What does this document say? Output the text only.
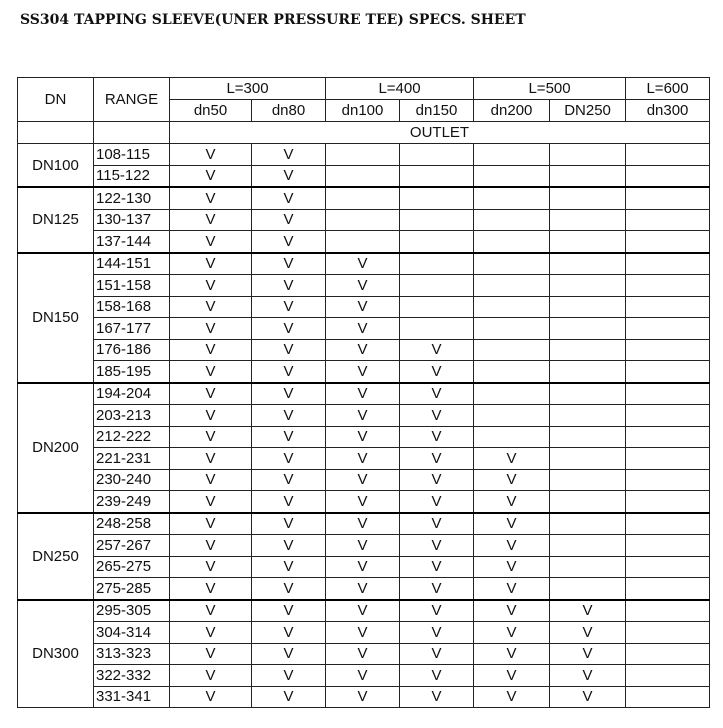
SS304 TAPPING SLEEVE(UNER PRESSURE TEE) SPECS. SHEET
DN	RANGE	L=300		L=400		L=500		L=600
		dn50	dn80	dn100	dn150	dn200	DN250	dn300
		OUTLET						
DN100	108-115	V	V					
	115-122	V	V					
DN125	122-130	V	V					
	130-137	V	V					
	137-144	V	V					
DN150	144-151	V	V	V				
	151-158	V	V	V				
	158-168	V	V	V				
	167-177	V	V	V				
	176-186	V	V	V	V			
	185-195	V	V	V	V			
DN200	194-204	V	V	V	V			
	203-213	V	V	V	V			
	212-222	V	V	V	V			
	221-231	V	V	V	V	V		
	230-240	V	V	V	V	V		
	239-249	V	V	V	V	V		
DN250	248-258	V	V	V	V	V		
	257-267	V	V	V	V	V		
	265-275	V	V	V	V	V		
	275-285	V	V	V	V	V		
DN300	295-305	V	V	V	V	V	V	
	304-314	V	V	V	V	V	V	
	313-323	V	V	V	V	V	V	
	322-332	V	V	V	V	V	V	
	331-341	V	V	V	V	V	V	
